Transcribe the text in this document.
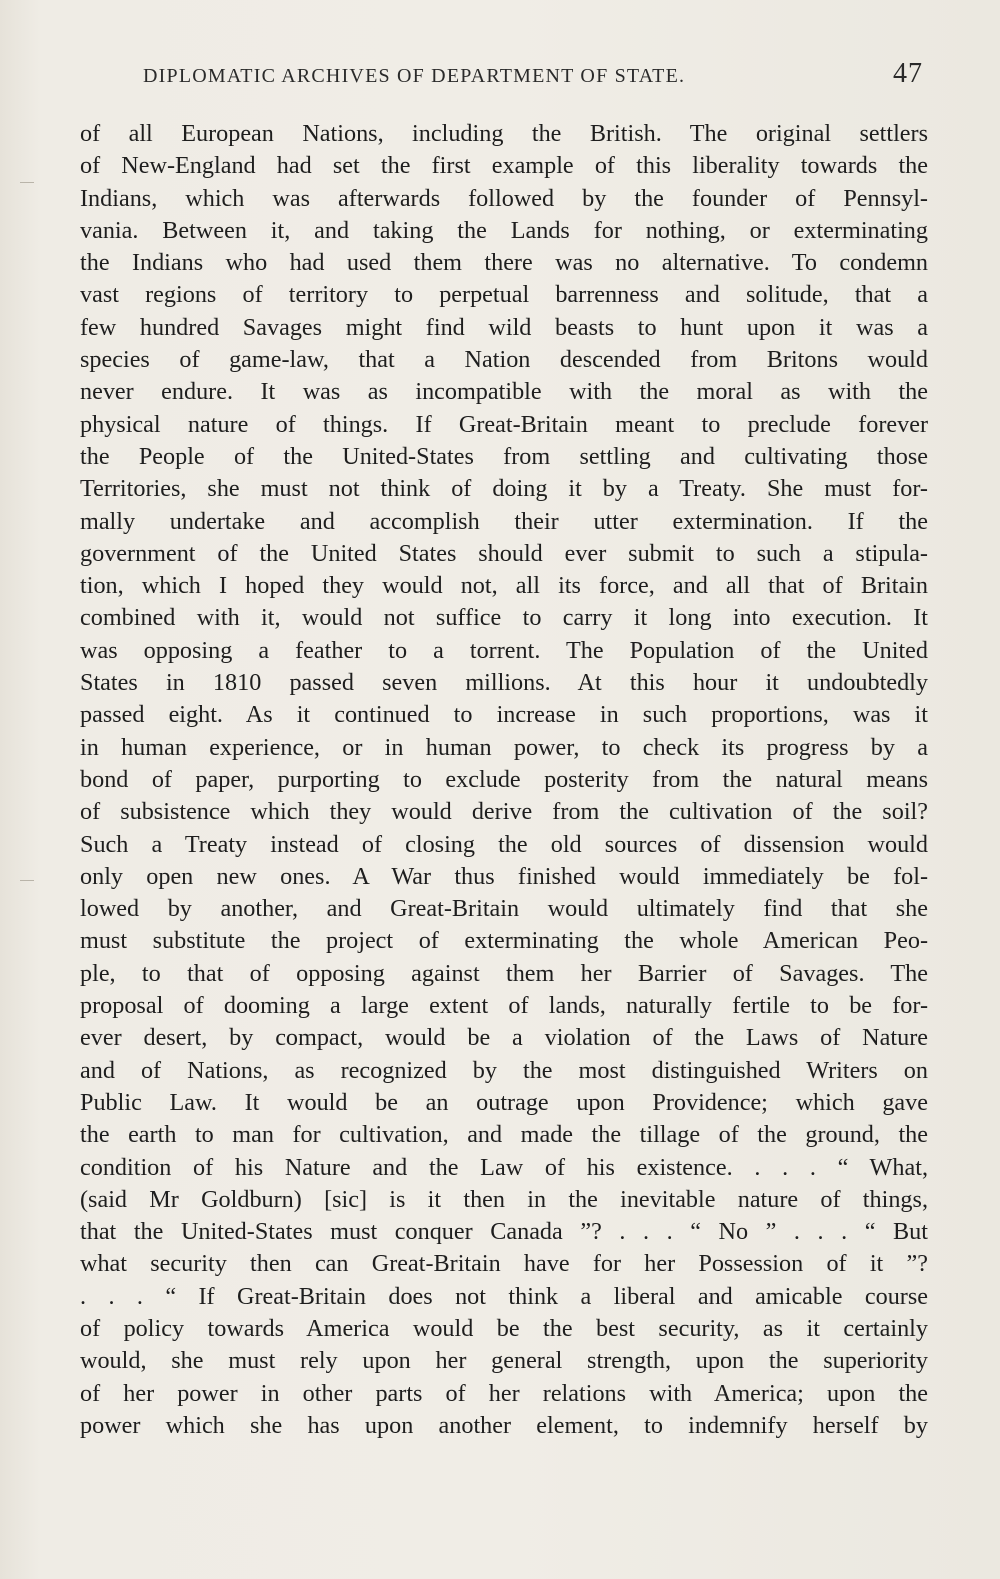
DIPLOMATIC ARCHIVES OF DEPARTMENT OF STATE.	47
of all European Nations, including the British. The original settlers
of New-England had set the first example of this liberality towards the
Indians, which was afterwards followed by the founder of Pennsyl-
vania. Between it, and taking the Lands for nothing, or exterminating
the Indians who had used them there was no alternative. To condemn
vast regions of territory to perpetual barrenness and solitude, that a
few hundred Savages might find wild beasts to hunt upon it was a
species of game-law, that a Nation descended from Britons would
never endure. It was as incompatible with the moral as with the
physical nature of things. If Great-Britain meant to preclude forever
the People of the United-States from settling and cultivating those
Territories, she must not think of doing it by a Treaty. She must for-
mally undertake and accomplish their utter extermination. If the
government of the United States should ever submit to such a stipula-
tion, which I hoped they would not, all its force, and all that of Britain
combined with it, would not suffice to carry it long into execution. It
was opposing a feather to a torrent. The Population of the United
States in 1810 passed seven millions. At this hour it undoubtedly
passed eight. As it continued to increase in such proportions, was it
in human experience, or in human power, to check its progress by a
bond of paper, purporting to exclude posterity from the natural means
of subsistence which they would derive from the cultivation of the soil?
Such a Treaty instead of closing the old sources of dissension would
only open new ones. A War thus finished would immediately be fol-
lowed by another, and Great-Britain would ultimately find that she
must substitute the project of exterminating the whole American Peo-
ple, to that of opposing against them her Barrier of Savages. The
proposal of dooming a large extent of lands, naturally fertile to be for-
ever desert, by compact, would be a violation of the Laws of Nature
and of Nations, as recognized by the most distinguished Writers on
Public Law. It would be an outrage upon Providence; which gave
the earth to man for cultivation, and made the tillage of the ground, the
condition of his Nature and the Law of his existence. . . . “ What,
(said Mr Goldburn) [sic] is it then in the inevitable nature of things,
that the United-States must conquer Canada ”? . . . “ No ” . . . “ But
what security then can Great-Britain have for her Possession of it ”?
. . . “ If Great-Britain does not think a liberal and amicable course
of policy towards America would be the best security, as it certainly
would, she must rely upon her general strength, upon the superiority
of her power in other parts of her relations with America; upon the
power which she has upon another element, to indemnify herself by
